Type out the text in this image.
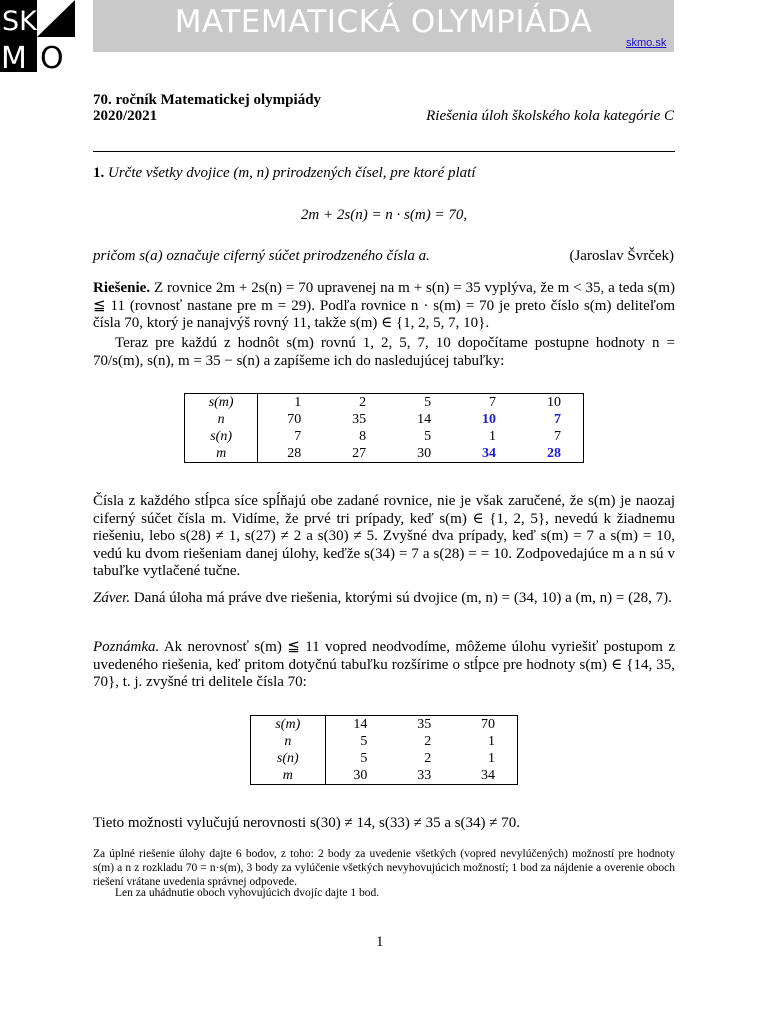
SK
M O
MATEMATICKÁ OLYMPIÁDA
skmo.sk
70. ročník Matematickej olympiády
2020/2021	Riešenia úloh školského kola kategórie C
1. Určte všetky dvojice (m, n) prirodzených čísel, pre ktoré platí
2m + 2s(n) = n · s(m) = 70,
pričom s(a) označuje ciferný súčet prirodzeného čísla a.	(Jaroslav Švrček)
Riešenie. Z rovnice 2m + 2s(n) = 70 upravenej na m + s(n) = 35 vyplýva, že m < 35, a teda s(m) ≦ 11 (rovnosť nastane pre m = 29). Podľa rovnice n · s(m) = 70 je preto číslo s(m) deliteľom čísla 70, ktorý je nanajvýš rovný 11, takže s(m) ∈ {1, 2, 5, 7, 10}.
Teraz pre každú z hodnôt s(m) rovnú 1, 2, 5, 7, 10 dopočítame postupne hodnoty n = 70/s(m), s(n), m = 35 − s(n) a zapíšeme ich do nasledujúcej tabuľky:
s(m)	1	2	5	7	10
n	70	35	14	10	7
s(n)	7	8	5	1	7
m	28	27	30	34	28
Čísla z každého stĺpca síce spĺňajú obe zadané rovnice, nie je však zaručené, že s(m) je naozaj ciferný súčet čísla m. Vidíme, že prvé tri prípady, keď s(m) ∈ {1, 2, 5}, nevedú k žiadnemu riešeniu, lebo s(28) ≠ 1, s(27) ≠ 2 a s(30) ≠ 5. Zvyšné dva prípady, keď s(m) = 7 a s(m) = 10, vedú ku dvom riešeniam danej úlohy, keďže s(34) = 7 a s(28) = = 10. Zodpovedajúce m a n sú v tabuľke vytlačené tučne.
Záver. Daná úloha má práve dve riešenia, ktorými sú dvojice (m, n) = (34, 10) a (m, n) = (28, 7).
Poznámka. Ak nerovnosť s(m) ≦ 11 vopred neodvodíme, môžeme úlohu vyriešiť postupom z uvedeného riešenia, keď pritom dotyčnú tabuľku rozšírime o stĺpce pre hodnoty s(m) ∈ {14, 35, 70}, t. j. zvyšné tri delitele čísla 70:
s(m)	14	35	70
n	5	2	1
s(n)	5	2	1
m	30	33	34
Tieto možnosti vylučujú nerovnosti s(30) ≠ 14, s(33) ≠ 35 a s(34) ≠ 70.
Za úplné riešenie úlohy dajte 6 bodov, z toho: 2 body za uvedenie všetkých (vopred nevylúčených) možností pre hodnoty s(m) a n z rozkladu 70 = n·s(m), 3 body za vylúčenie všetkých nevyhovujúcich možností; 1 bod za nájdenie a overenie oboch riešení vrátane uvedenia správnej odpovede.
Len za uhádnutie oboch vyhovujúcich dvojíc dajte 1 bod.
1
